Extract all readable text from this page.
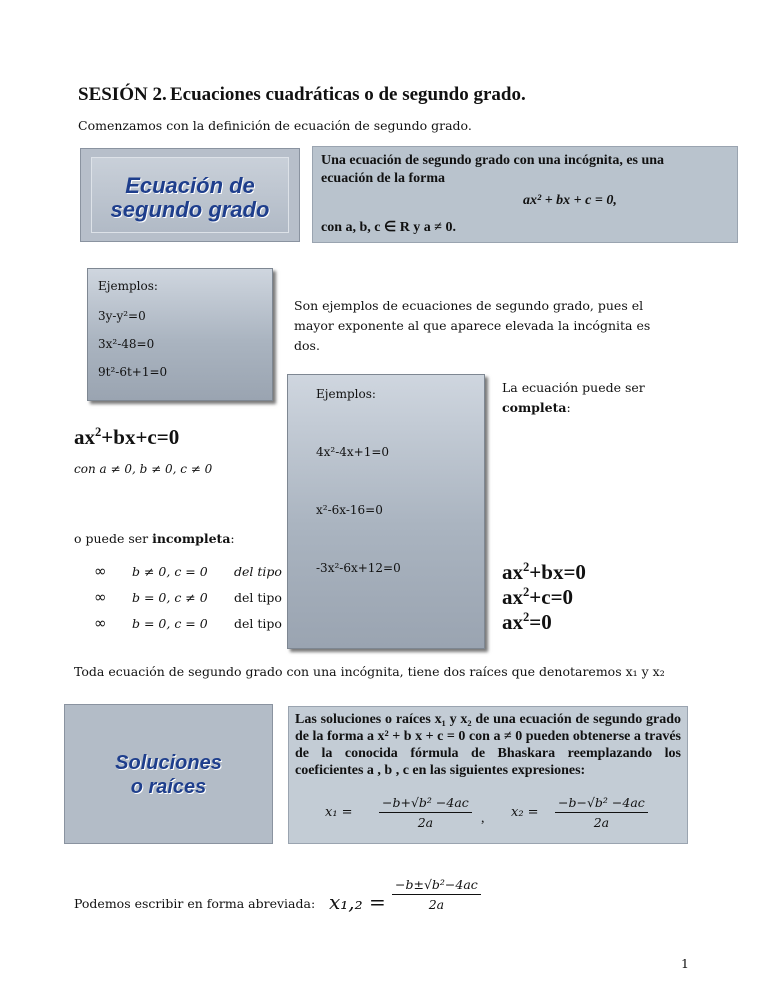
SESIÓN 2. Ecuaciones cuadráticas o de segundo grado.
Comenzamos con la definición de ecuación de segundo grado.
Ecuación de
segundo grado
Una ecuación de segundo grado con una incógnita, es una
ecuación de la forma
ax² + bx + c = 0,
con a, b, c ∈ R y a ≠ 0.
Ejemplos:
3y-y²=0
3x²-48=0
9t²-6t+1=0
Son ejemplos de ecuaciones de segundo grado, pues el mayor exponente al que aparece elevada la incógnita es dos.
$ax^2+bx+c=0$
con a ≠ 0, b ≠ 0, c ≠ 0
La ecuación puede ser
completa:
Ejemplos:
4x²-4x+1=0
x²-6x-16=0
-3x²-6x+12=0
o puede ser incompleta:
∞ b ≠ 0, c = 0 del tipo
∞ b = 0, c ≠ 0 del tipo
∞ b = 0, c = 0 del tipo
$ax^2+bx=0$
$ax^2+c=0$
$ax^2=0$
Toda ecuación de segundo grado con una incógnita, tiene dos raíces que denotaremos x₁ y x₂
Soluciones
o raíces
Las soluciones o raíces x₁ y x₂ de una ecuación de segundo grado de la forma a x² + b x + c = 0 con a ≠ 0 pueden obtenerse a través de la conocida fórmula de Bhaskara reemplazando los coeficientes a , b , c en las siguientes expresiones:
$x_1 = \frac{\text{−b+√b² −4ac}}{2a}$ , $x_2 = \frac{\text{−b−√b² −4ac}}{2a}$
Podemos escribir en forma abreviada: $x_1,_2 = \frac{\text{−b±√b²−4ac}}{2a}$
1
